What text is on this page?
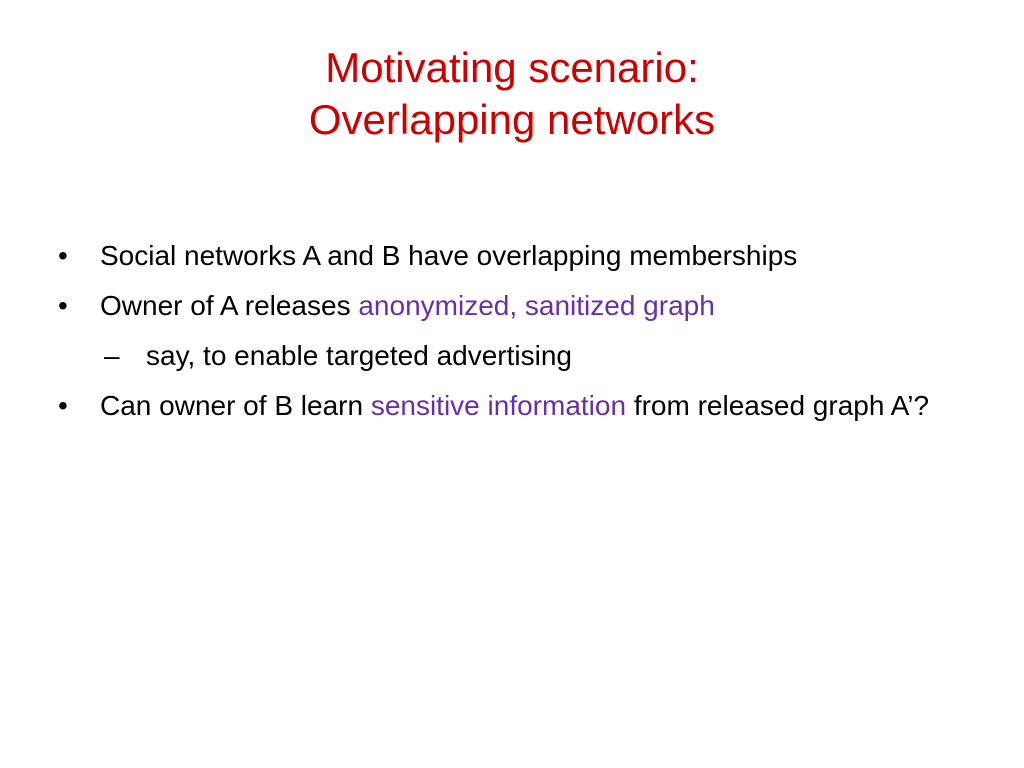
Motivating scenario:
Overlapping networks
• Social networks A and B have overlapping memberships
• Owner of A releases anonymized, sanitized graph
– say, to enable targeted advertising
• Can owner of B learn sensitive information from released graph A’?
